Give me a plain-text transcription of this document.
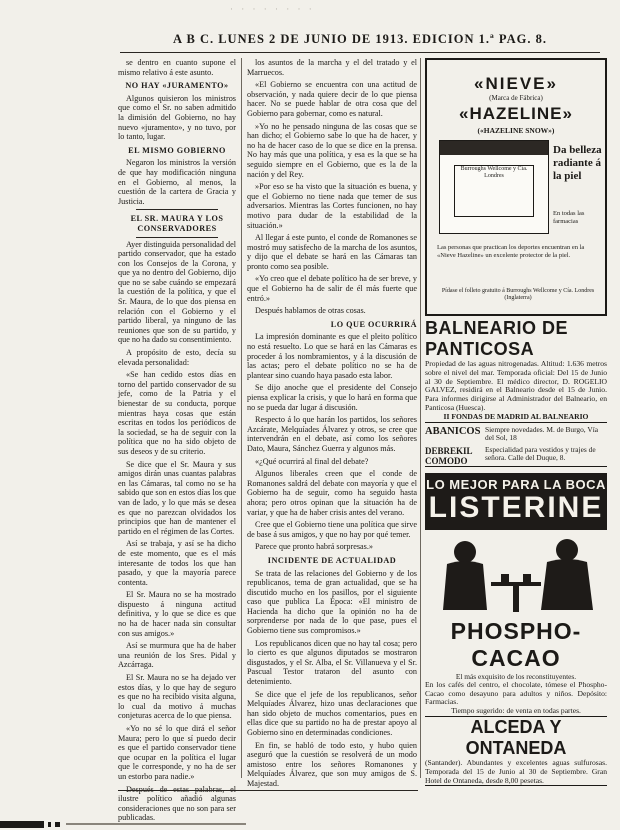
· · · · · · · ·
A B C. LUNES 2 DE JUNIO DE 1913. EDICION 1.ª PAG. 8.

se dentro en cuanto supone el mismo relativo á este asunto.

NO HAY «JURAMENTO»

Algunos quisieron los ministros que como el Sr. no saben admitido la dimisión del Gobierno, no hay nuevo «juramento», y no tuvo, por lo tanto, lugar.

EL MISMO GOBIERNO

Negaron los ministros la versión de que hay modificación ninguna en el Gobierno, al menos, la cuestión de la cartera de Gracia y Justicia.

EL SR. MAURA Y LOS CONSERVADORES

Ayer distinguida personalidad del partido conservador, que ha estado con los Consejos de la Corona, y que ya no dentro del Gobierno, dijo que no se sabe cuándo se empezará la cuestión de la política, y que el Sr. Maura, de lo que dos piensa en relación con el Gobierno y el partido liberal, ya ninguno de las reuniones que son de su partido, y que no ha dado su consentimiento.

A propósito de esto, decía su elevada personalidad:

«Se han cedido estos días en torno del partido conservador de su jefe, como de la Patria y el bienestar de su conducta, porque mientras haya cosas que están escritas en todos los periódicos de la sociedad, se ha de seguir con la política que no ha sido objeto de sus deseos y de su criterio.

Se dice que el Sr. Maura y sus amigos dirán unas cuantas palabras en las Cámaras, tal como no se ha sabido que son en estos días los que van de lado, y lo que más se desea es que no parezcan olvidados los principios que han de mantener el partido en el régimen de las Cortes.

Así se trabaja, y así se ha dicho de este momento, que es el más interesante de todos los que han pasado, y que la mayoría parece contenta.

El Sr. Maura no se ha mostrado dispuesto á ninguna actitud definitiva, y lo que se dice es que no ha de hacer nada sin consultar con sus amigos.»

Así se murmura que ha de haber una reunión de los Sres. Pidal y Azcárraga.

El Sr. Maura no se ha dejado ver estos días, y lo que hay de seguro es que no ha recibido visita alguna, lo cual da motivo á muchas conjeturas acerca de lo que piensa.

«Yo no sé lo que dirá el señor Maura; pero lo que sí puedo decir es que el partido conservador tiene que ocupar en la política el lugar que le corresponde, y no ha de ser un estorbo para nadie.»

ilustre político añadió algunas consideraciones que no son para ser publicadas.

los asuntos de la marcha y el del tratado y el Marruecos.

«El Gobierno se encuentra con una actitud de observación, y nada quiere decir de lo que piensa hacer. No se puede hablar de otra cosa que del Gobierno para gobernar, como es natural.

»Yo no he pensado ninguna de las cosas que se han dicho; el Gobierno sabe lo que ha de hacer, y no ha de hacer caso de lo que se dice en la prensa. No hay más que una política, y esa es la que se ha seguido siempre en el Gobierno, que es la de la nación y del Rey.

»Por eso se ha visto que la situación es buena, y que el Gobierno no tiene nada que temer de sus adversarios. Mientras las Cortes funcionen, no hay motivo para dudar de la estabilidad de la situación.»

Al llegar á este punto, el conde de Romanones se mostró muy satisfecho de la marcha de los asuntos, y dijo que el debate se hará en las Cámaras tan pronto como sea posible.

«Yo creo que el debate político ha de ser breve, y que el Gobierno ha de salir de él más fuerte que entró.»

Después hablamos de otras cosas.

LO QUE OCURRIRÁ

La impresión dominante es que el pleito político no está resuelto. Lo que se hará en las Cámaras es proceder á los nombramientos, y á la discusión de las actas; pero el debate político no se ha de plantear sino cuando haya pasado esta labor.

Se dijo anoche que el presidente del Consejo piensa explicar la crisis, y que lo hará en forma que no se pueda dar lugar á discusión.

Respecto á lo que harán los partidos, los señores Azcárate, Melquíades Álvarez y otros, se cree que intervendrán en el debate, así como los señores Dato, Maura, Sánchez Guerra y algunos más.

«¿Qué ocurrirá al final del debate?

Algunos liberales creen que el conde de Romanones saldrá del debate con mayoría y que el Gobierno ha de seguir, como ha seguido hasta ahora; pero otros opinan que la situación ha de variar, y que ha de haber crisis antes del verano.

Cree que el Gobierno tiene una política que sirve de base á sus amigos, y que no hay por qué temer.

Parece que pronto habrá sorpresas.»

INCIDENTE DE ACTUALIDAD

Se trata de las relaciones del Gobierno y de los republicanos, tema de gran actualidad, que se ha discutido mucho en los pasillos, por el siguiente caso que publica La Época: «El ministro de Hacienda ha dicho que la opinión no ha de sorprenderse por nada de lo que pase, pues el Gobierno tiene sus compromisos.»

Los republicanos dicen que no hay tal cosa; pero lo cierto es que algunos diputados se mostraron disgustados, y el Sr. Alba, el Sr. Villanueva y el Sr. Pascual Testor trataron del asunto con detenimiento.

Se dice que el jefe de los republicanos, señor Melquíades Álvarez, hizo unas declaraciones que han sido objeto de muchos comentarios, pues en ellas dice que su partido no ha de prestar apoyo al Gobierno sino en determinadas condiciones.

En fin, se habló de todo esto, y hubo quien aseguró que la cuestión se resolverá de un modo amistoso entre los señores Romanones y Melquíades Álvarez, que son muy amigos de S. Majestad.

«NIEVE»
(Marca de Fábrica)
«HAZELINE»
(«HAZELINE SNOW»)
Burroughs Wellcome y Cía. Londres
Da belleza radiante á la piel
En todas las farmacias
Las personas que practican los deportes encuentran en la «Nieve Hazeline» un excelente protector de la piel.
Pídase el folleto gratuito á Burroughs Wellcome y Cía. Londres (Inglaterra)
BALNEARIO DE PANTICOSA
Propiedad de las aguas nitrogenadas. Altitud: 1.636 metros sobre el nivel del mar. Temporada oficial: Del 15 de Junio al 30 de Septiembre. El médico director, D. ROGELIO GALVEZ, residirá en el Balneario desde el 15 de Junio. Para informes dirigirse al Administrador del Balneario, en Panticosa (Huesca).
II FONDAS DE MADRID AL BALNEARIO
ABANICOS Siempre novedades. M. de Burgo, Vía del Sol, 18
DEBREKIL COMODO
Especialidad para vestidos y trajes de señora. Calle del Duque, 8.
LO MEJOR PARA LA BOCA
LISTERINE
PHOSPHO-CACAO
El más exquisito de los reconstituyentes.
En los cafés del centro, el chocolate, tómese el Phospho-Cacao como desayuno para adultos y niños. Depósito: Farmacias.
Tiempo sugerido: de venta en todas partes.
ALCEDA Y ONTANEDA
(Santander). Abundantes y excelentes aguas sulfurosas. Temporada del 15 de Junio al 30 de Septiembre. Gran Hotel de Ontaneda, desde 8,00 pesetas.
